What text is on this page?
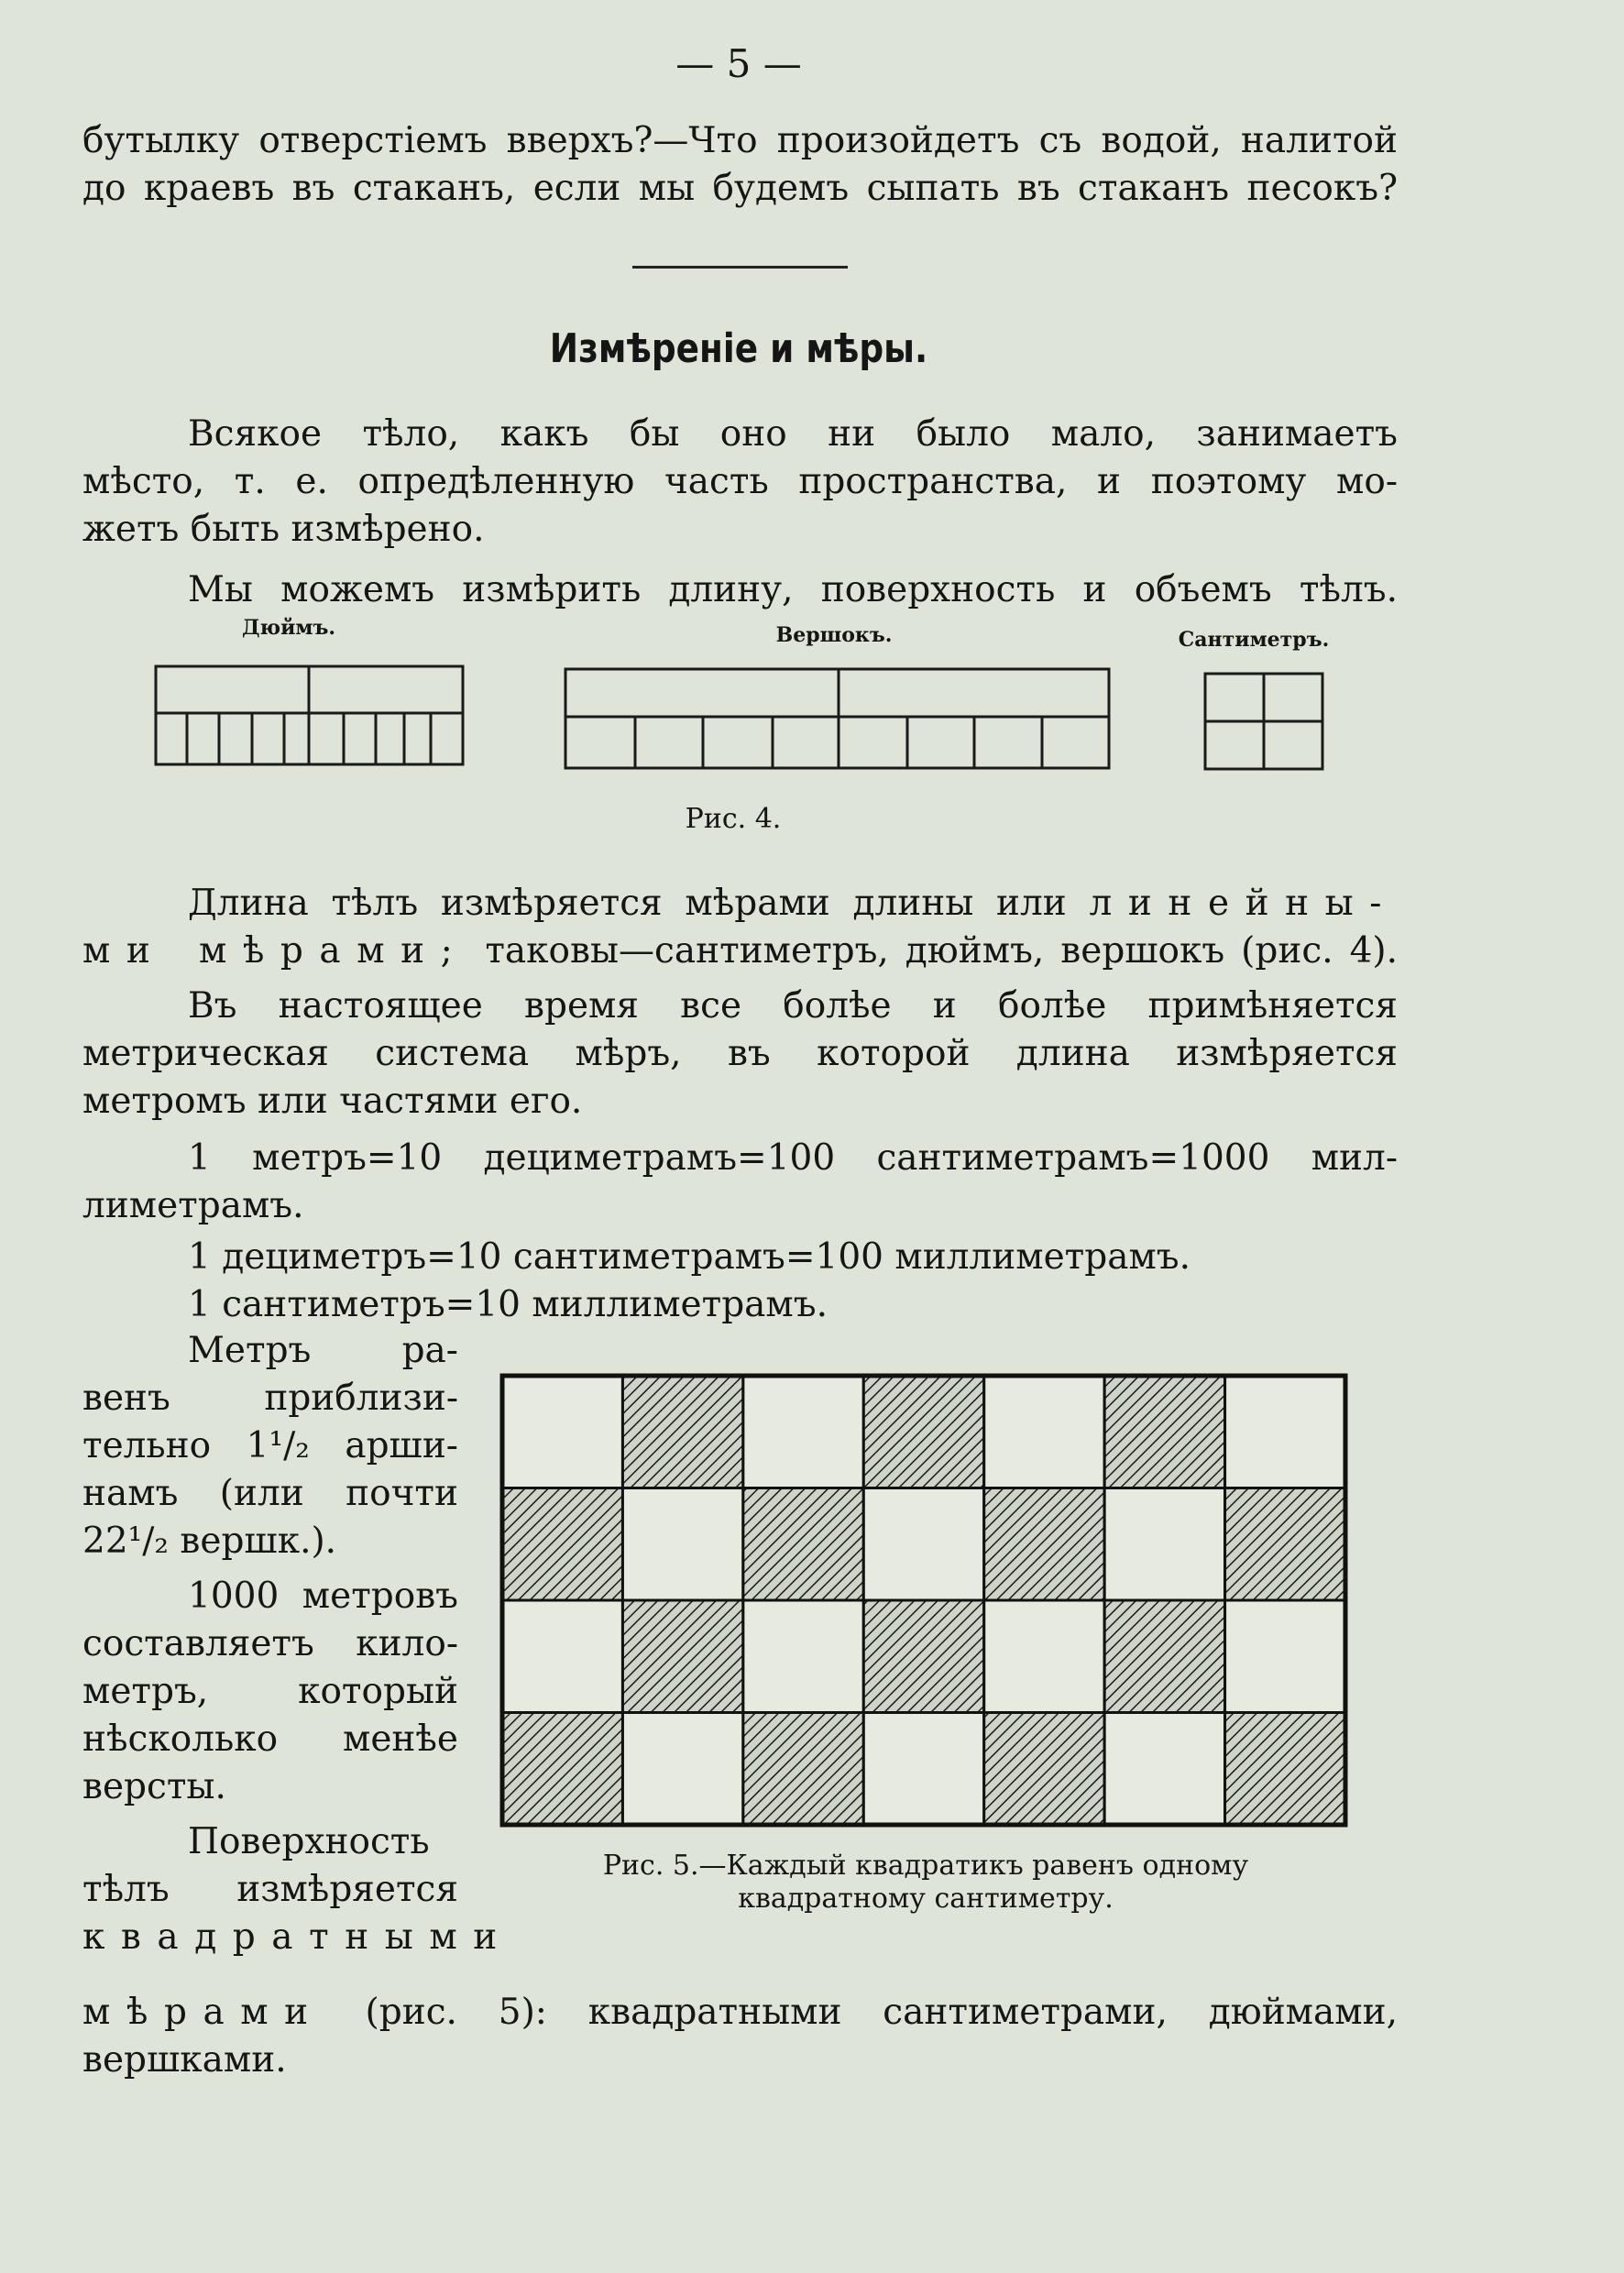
— 5 —
бутылку отверстіемъ вверхъ?—Что произойдетъ съ водой, налитой
до краевъ въ стаканъ, если мы будемъ сыпать въ стаканъ песокъ?
Измѣреніе и мѣры.
Всякое тѣло, какъ бы оно ни было мало, занимаетъ
мѣсто, т. е. опредѣленную часть пространства, и поэтому мо-
жетъ быть измѣрено.
Мы можемъ измѣрить длину, поверхность и объемъ тѣлъ.
Дюймъ.	Вершокъ.	Сантиметръ.
Рис. 4.
Длина тѣлъ измѣряется мѣрами длины или линейны-
ми мѣрами; таковы—сантиметръ, дюймъ, вершокъ (рис. 4).
Въ настоящее время все болѣе и болѣе примѣняется
метрическая система мѣръ, въ которой длина измѣряется
метромъ или частями его.
1 метръ=10 дециметрамъ=100 сантиметрамъ=1000 мил-
лиметрамъ.
1 дециметръ=10 сантиметрамъ=100 миллиметрамъ.
1 сантиметръ=10 миллиметрамъ.
Метръ ра-
венъ приблизи-
тельно 1¹/₂ арши-
намъ (или почти
22¹/₂ вершк.).
1000 метровъ
составляетъ кило-
метръ, который
нѣсколько менѣе
версты.
Поверхность
тѣлъ измѣряется
квадратными
Рис. 5.—Каждый квадратикъ равенъ одному
квадратному сантиметру.
мѣрами (рис. 5): квадратными сантиметрами, дюймами,
вершками.
